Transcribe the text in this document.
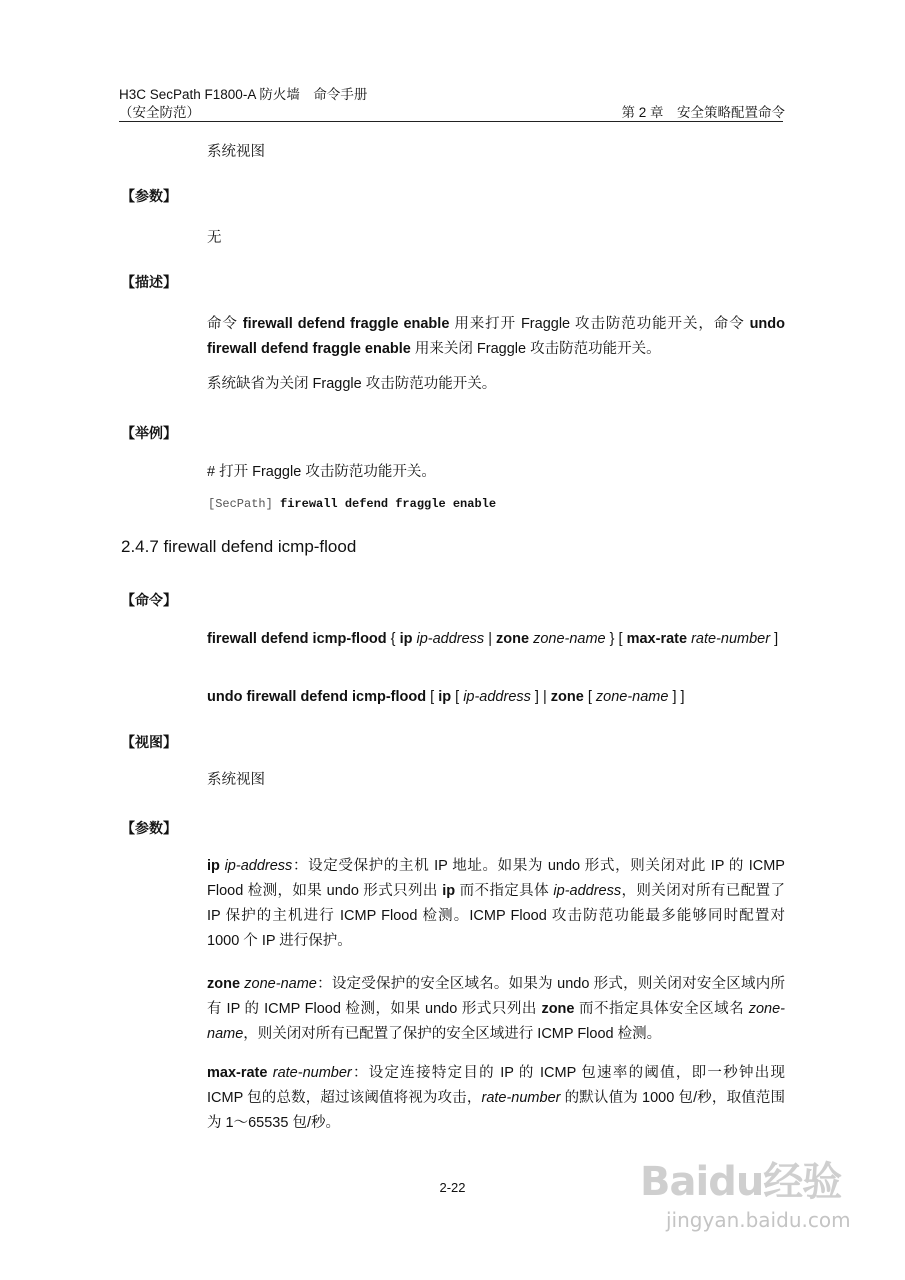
H3C SecPath F1800-A 防火墙　命令手册
（安全防范）	第 2 章　安全策略配置命令
系统视图
【参数】
无
【描述】
命令 firewall defend fraggle enable 用来打开 Fraggle 攻击防范功能开关，命令 undo firewall defend fraggle enable 用来关闭 Fraggle 攻击防范功能开关。
系统缺省为关闭 Fraggle 攻击防范功能开关。
【举例】
# 打开 Fraggle 攻击防范功能开关。
[SecPath] firewall defend fraggle enable
2.4.7 firewall defend icmp-flood
【命令】
firewall defend icmp-flood { ip ip-address | zone zone-name } [ max-rate rate-number ]
undo firewall defend icmp-flood [ ip [ ip-address ] | zone [ zone-name ] ]
【视图】
系统视图
【参数】
ip ip-address：设定受保护的主机 IP 地址。如果为 undo 形式，则关闭对此 IP 的 ICMP Flood 检测，如果 undo 形式只列出 ip 而不指定具体 ip-address，则关闭对所有已配置了 IP 保护的主机进行 ICMP Flood 检测。ICMP Flood 攻击防范功能最多能够同时配置对 1000 个 IP 进行保护。
zone zone-name：设定受保护的安全区域名。如果为 undo 形式，则关闭对安全区域内所有 IP 的 ICMP Flood 检测，如果 undo 形式只列出 zone 而不指定具体安全区域名 zone-name，则关闭对所有已配置了保护的安全区域进行 ICMP Flood 检测。
max-rate rate-number：设定连接特定目的 IP 的 ICMP 包速率的阈值，即一秒钟出现 ICMP 包的总数，超过该阈值将视为攻击，rate-number 的默认值为 1000 包/秒，取值范围为 1～65535 包/秒。
2-22	Baidu经验
jingyan.baidu.com
